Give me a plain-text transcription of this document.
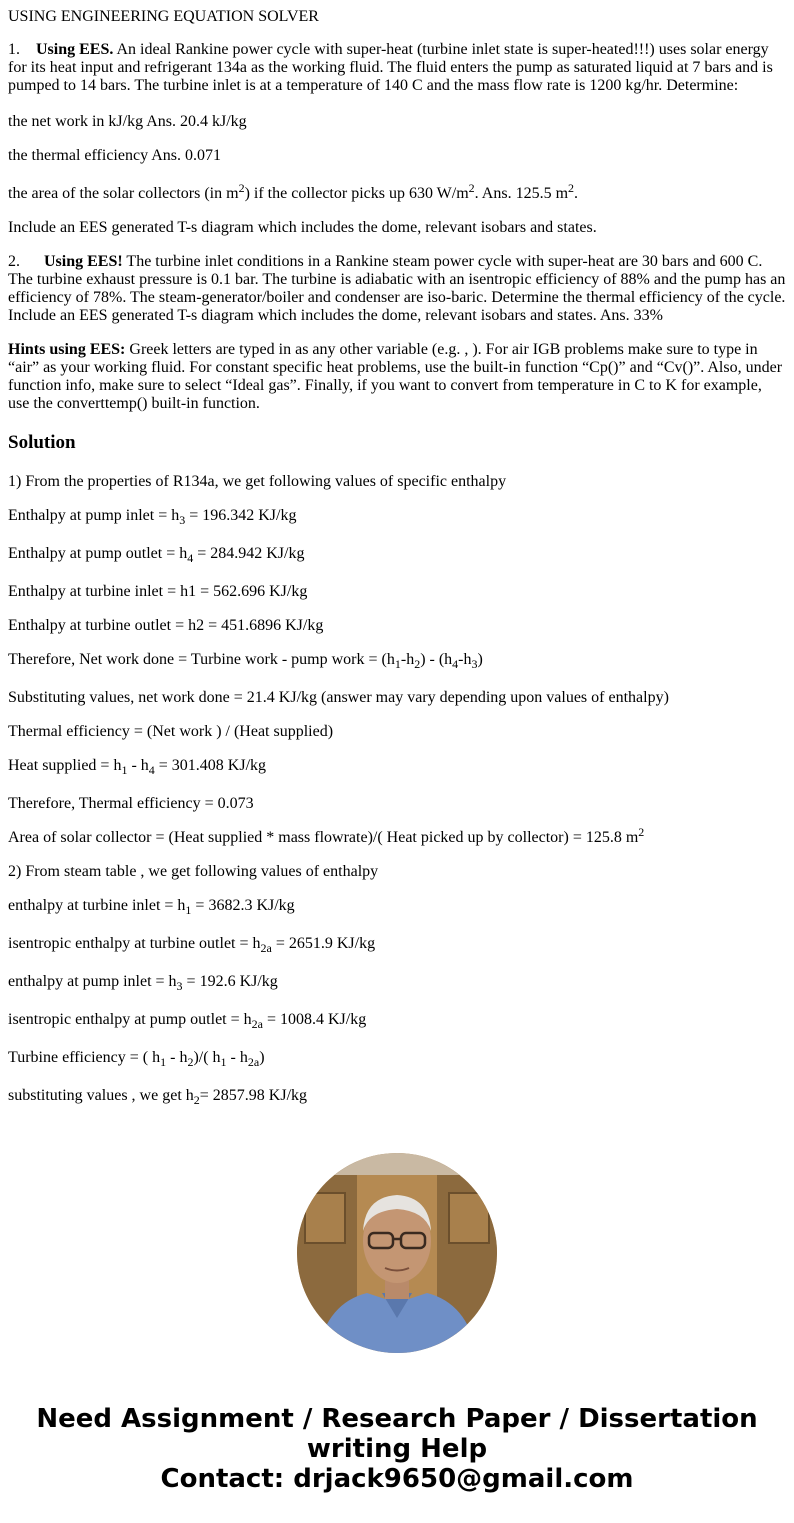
USING ENGINEERING EQUATION SOLVER

1. Using EES. An ideal Rankine power cycle with super-heat (turbine inlet state is super-heated!!!) uses solar energy for its heat input and refrigerant 134a as the working fluid. The fluid enters the pump as saturated liquid at 7 bars and is pumped to 14 bars. The turbine inlet is at a temperature of 140 C and the mass flow rate is 1200 kg/hr. Determine:

the net work in kJ/kg Ans. 20.4 kJ/kg

the thermal efficiency Ans. 0.071

the area of the solar collectors (in $m^2$) if the collector picks up 630 $W/m^2$. Ans. 125.5 $m^2$.

Include an EES generated T-s diagram which includes the dome, relevant isobars and states.

2. Using EES! The turbine inlet conditions in a Rankine steam power cycle with super-heat are 30 bars and 600 C. The turbine exhaust pressure is 0.1 bar. The turbine is adiabatic with an isentropic efficiency of 88% and the pump has an efficiency of 78%. The steam-generator/boiler and condenser are iso-baric. Determine the thermal efficiency of the cycle. Include an EES generated T-s diagram which includes the dome, relevant isobars and states. Ans. 33%

Hints using EES: Greek letters are typed in as any other variable (e.g. , ). For air IGB problems make sure to type in “air” as your working fluid. For constant specific heat problems, use the built-in function “Cp()” and “Cv()”. Also, under function info, make sure to select “Ideal gas”. Finally, if you want to convert from temperature in C to K for example, use the converttemp() built-in function.

Solution

1) From the properties of R134a, we get following values of specific enthalpy

Enthalpy at pump inlet = $h_3 = 196.342$ KJ/kg

Enthalpy at pump outlet = $h_4 = 284.942$ KJ/kg

Enthalpy at turbine inlet = h1 = 562.696 KJ/kg

Enthalpy at turbine outlet = h2 = 451.6896 KJ/kg

Therefore, Net work done = Turbine work - pump work = $(h_1-h_2) - (h_4-h_3)$

Substituting values, net work done = 21.4 KJ/kg (answer may vary depending upon values of enthalpy)

Thermal efficiency = (Net work ) / (Heat supplied)

Heat supplied = $h_1 - h_4 = 301.408$ KJ/kg

Therefore, Thermal efficiency = 0.073

Area of solar collector = (Heat supplied * mass flowrate)/( Heat picked up by collector) = 125.8 $m^2$

2) From steam table , we get following values of enthalpy

enthalpy at turbine inlet = $h_1 = 3682.3$ KJ/kg

isentropic enthalpy at turbine outlet = $h_{2a} = 2651.9$ KJ/kg

enthalpy at pump inlet = $h_3 = 192.6$ KJ/kg

isentropic enthalpy at pump outlet = $h_{2a} = 1008.4$ KJ/kg

Turbine efficiency = ( $h_1 - h_2)/$( $h_1 - h_{2a}$)

substituting values , we get $h_2= 2857.98$ KJ/kg

Need Assignment / Research Paper / Dissertation
writing Help
Contact: drjack9650@gmail.com
